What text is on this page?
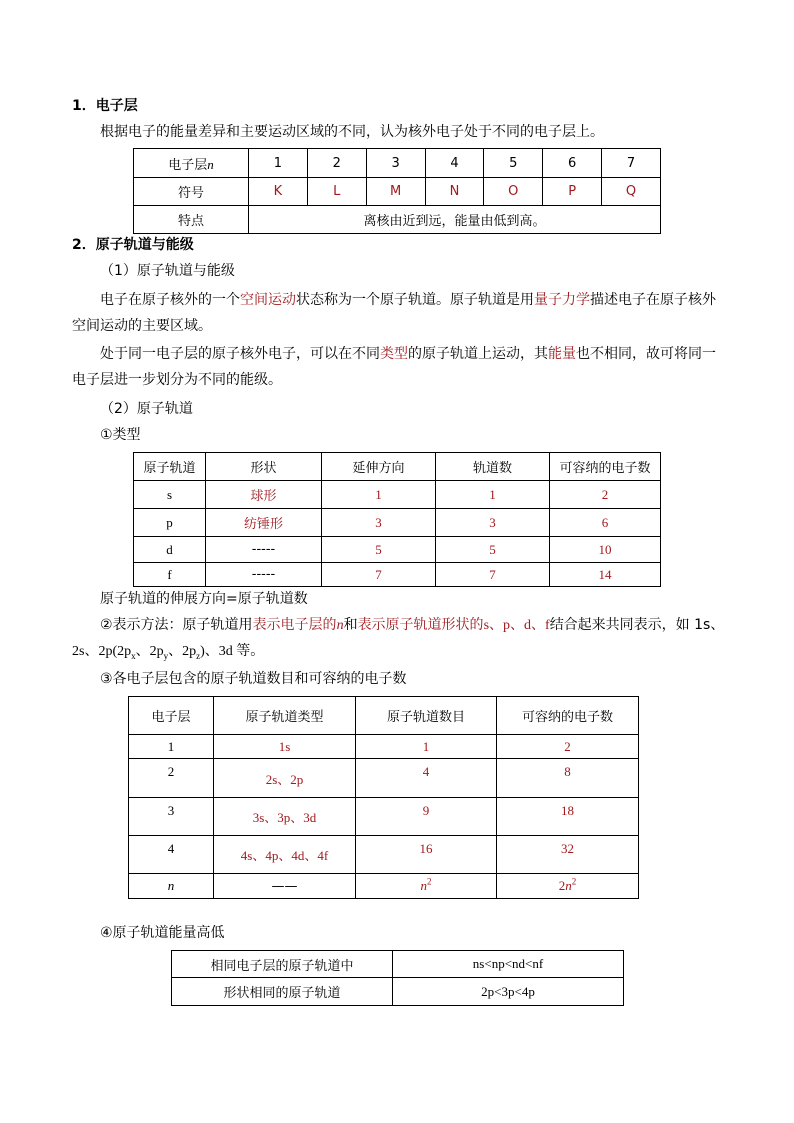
1．电子层
根据电子的能量差异和主要运动区域的不同，认为核外电子处于不同的电子层上。
电子层n	1	2	3	4	5	6	7
符号	K	L	M	N	O	P	Q
特点	离核由近到远，能量由低到高。						
2．原子轨道与能级
（1）原子轨道与能级
电子在原子核外的一个空间运动状态称为一个原子轨道。原子轨道是用量子力学描述电子在原子核外
空间运动的主要区域。
处于同一电子层的原子核外电子，可以在不同类型的原子轨道上运动，其能量也不相同，故可将同一
电子层进一步划分为不同的能级。
（2）原子轨道
①类型
原子轨道	形状	延伸方向	轨道数	可容纳的电子数
s	球形	1	1	2
p	纺锤形	3	3	6
d	-----	5	5	10
f	-----	7	7	14
原子轨道的伸展方向=原子轨道数
②表示方法：原子轨道用表示电子层的n和表示原子轨道形状的s、p、d、f结合起来共同表示，如 1s、
2s、$2p(2p_x$、$2p_y$、$2p_z$)、3d 等。
③各电子层包含的原子轨道数目和可容纳的电子数
电子层	原子轨道类型	原子轨道数目	可容纳的电子数
1	1s	1	2
2	2s、2p	4	8
3	3s、3p、3d	9	18
4	4s、4p、4d、4f	16	32
n	——	$n^2$	$2n^2$
④原子轨道能量高低
相同电子层的原子轨道中	ns<np<nd<nf
形状相同的原子轨道	2p<3p<4p
